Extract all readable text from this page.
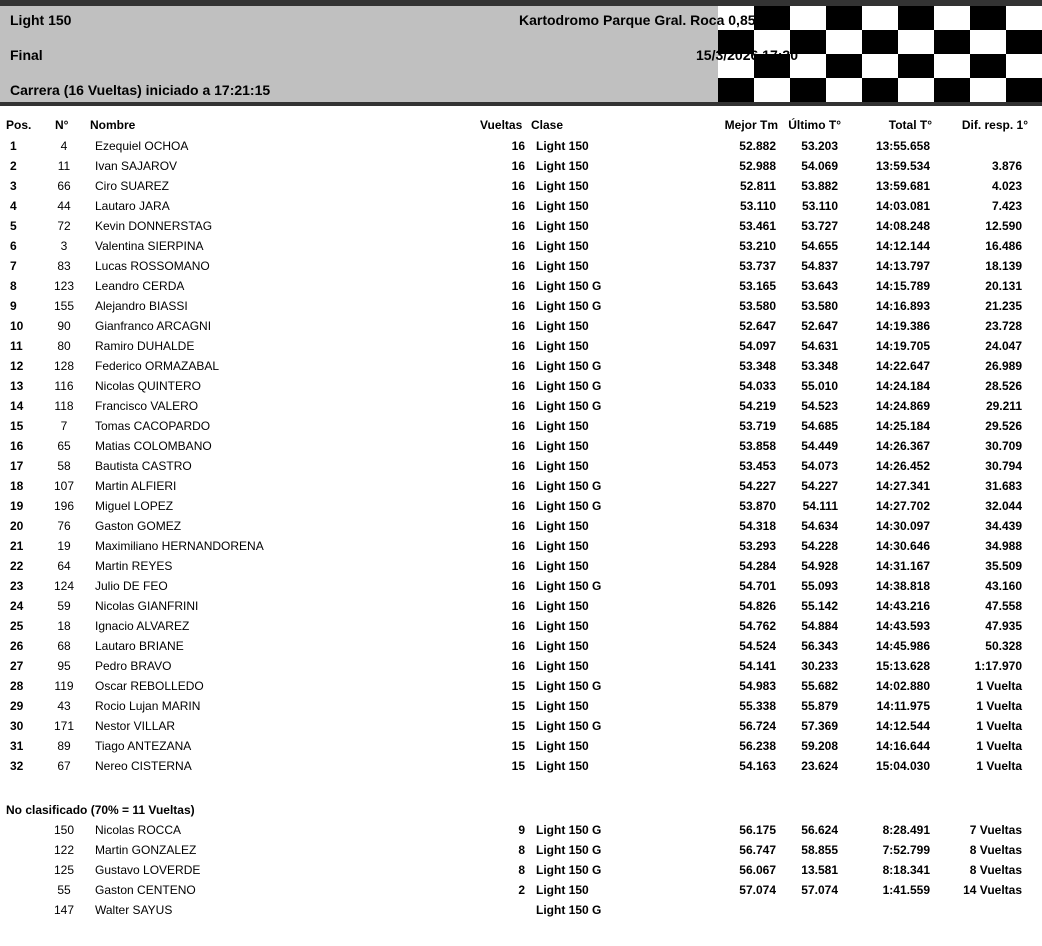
Light 150
Final
Carrera (16 Vueltas) iniciado a 17:21:15
Kartodromo Parque Gral. Roca 0,850 km
15/3/2026 17:30
Pos. N° Nombre	Vueltas Clase	Mejor Tm Último T°	Total T° Dif. resp. 1°
1	4	Ezequiel OCHOA	16 Light 150	52.882 53.203	13:55.658
2	11	Ivan SAJAROV	16 Light 150	52.988 54.069	13:59.534	3.876
3	66	Ciro SUAREZ	16 Light 150	52.811 53.882	13:59.681	4.023
4	44	Lautaro JARA	16 Light 150	53.110 53.110	14:03.081	7.423
5	72	Kevin DONNERSTAG	16 Light 150	53.461 53.727	14:08.248	12.590
6	3	Valentina SIERPINA	16 Light 150	53.210 54.655	14:12.144	16.486
7	83	Lucas ROSSOMANO	16 Light 150	53.737 54.837	14:13.797	18.139
8	123 Leandro CERDA	16 Light 150 G	53.165 53.643	14:15.789	20.131
9	155 Alejandro BIASSI	16 Light 150 G	53.580 53.580	14:16.893	21.235
10	90	Gianfranco ARCAGNI	16 Light 150	52.647 52.647	14:19.386	23.728
11	80	Ramiro DUHALDE	16 Light 150	54.097 54.631	14:19.705	24.047
12	128 Federico ORMAZABAL	16 Light 150 G	53.348 53.348	14:22.647	26.989
13	116 Nicolas QUINTERO	16 Light 150 G	54.033 55.010	14:24.184	28.526
14	118 Francisco VALERO	16 Light 150 G	54.219 54.523	14:24.869	29.211
15	7	Tomas CACOPARDO	16 Light 150	53.719 54.685	14:25.184	29.526
16	65	Matias COLOMBANO	16 Light 150	53.858 54.449	14:26.367	30.709
17	58	Bautista CASTRO	16 Light 150	53.453 54.073	14:26.452	30.794
18	107 Martin ALFIERI	16 Light 150 G	54.227 54.227	14:27.341	31.683
19	196 Miguel LOPEZ	16 Light 150 G	53.870 54.111	14:27.702	32.044
20	76	Gaston GOMEZ	16 Light 150	54.318 54.634	14:30.097	34.439
21	19	Maximiliano HERNANDORENA	16 Light 150	53.293 54.228	14:30.646	34.988
22	64	Martin REYES	16 Light 150	54.284 54.928	14:31.167	35.509
23	124 Julio DE FEO	16 Light 150 G	54.701 55.093	14:38.818	43.160
24	59	Nicolas GIANFRINI	16 Light 150	54.826 55.142	14:43.216	47.558
25	18	Ignacio ALVAREZ	16 Light 150	54.762 54.884	14:43.593	47.935
26	68	Lautaro BRIANE	16 Light 150	54.524 56.343	14:45.986	50.328
27	95	Pedro BRAVO	16 Light 150	54.141 30.233	15:13.628	1:17.970
28	119 Oscar REBOLLEDO	15 Light 150 G	54.983 55.682	14:02.880	1 Vuelta
29	43	Rocio Lujan MARIN	15 Light 150	55.338 55.879	14:11.975	1 Vuelta
30	171 Nestor VILLAR	15 Light 150 G	56.724 57.369	14:12.544	1 Vuelta
31	89	Tiago ANTEZANA	15 Light 150	56.238 59.208	14:16.644	1 Vuelta
32	67	Nereo CISTERNA	15 Light 150	54.163 23.624	15:04.030	1 Vuelta
No clasificado (70% = 11 Vueltas)
150 Nicolas ROCCA	9 Light 150 G	56.175 56.624	8:28.491	7 Vueltas
122 Martin GONZALEZ	8 Light 150 G	56.747 58.855	7:52.799	8 Vueltas
125 Gustavo LOVERDE	8 Light 150 G	56.067 13.581	8:18.341	8 Vueltas
55	Gaston CENTENO	2 Light 150	57.074 57.074	1:41.559	14 Vueltas
147 Walter SAYUS	Light 150 G
